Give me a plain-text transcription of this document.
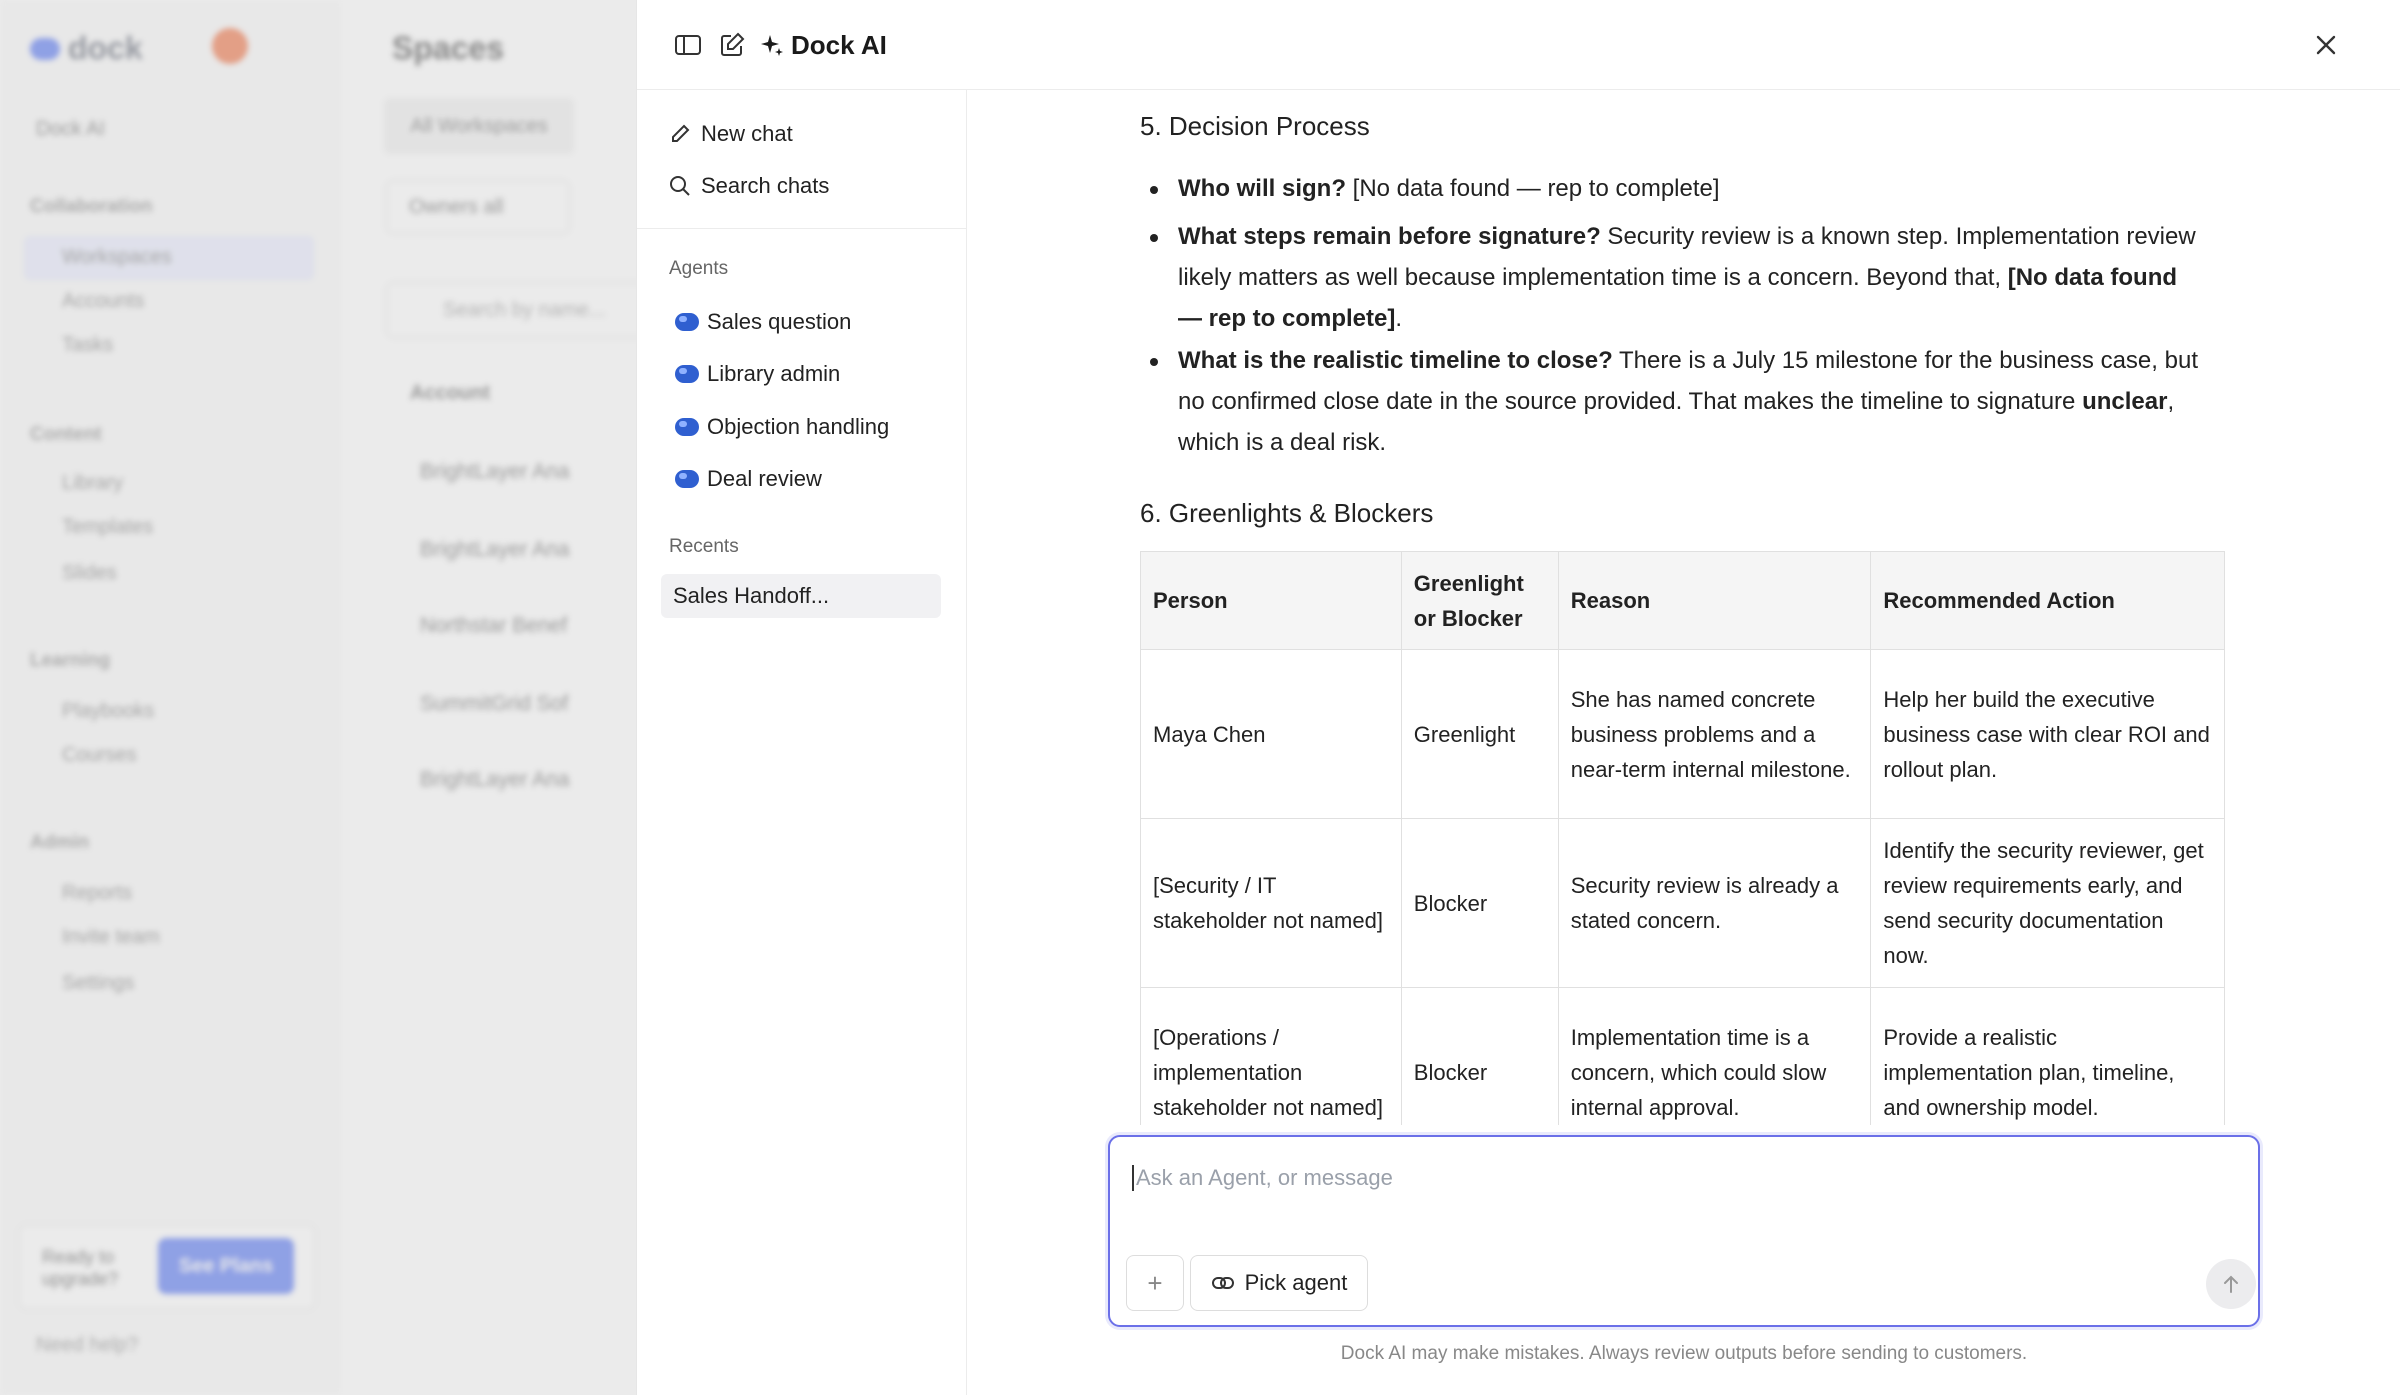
dock
Dock AI
Collaboration
Workspaces
Accounts
Tasks
Content
Library
Templates
Slides
Learning
Playbooks
Courses
Admin
Reports
Invite team
Settings
Ready to upgrade?
See Plans
Need help?
Spaces
All Workspaces
Owners all
Search by name...
Account
BrightLayer Ana
BrightLayer Ana
Northstar Benef
SummitGrid Sof
BrightLayer Ana
Dock AI
New chat
Search chats
Agents
Sales question
Library admin
Objection handling
Deal review
Recents
Sales Handoff...
5. Decision Process
Who will sign? [No data found — rep to complete]
What steps remain before signature? Security review is a known step. Implementation review likely matters as well because implementation time is a concern. Beyond that, [No data found — rep to complete].
What is the realistic timeline to close? There is a July 15 milestone for the business case, but no confirmed close date in the source provided. That makes the timeline to signature unclear, which is a deal risk.
6. Greenlights & Blockers
Person	Greenlight or Blocker	Reason	Recommended Action
Maya Chen	Greenlight	She has named concrete business problems and a near-term internal milestone.	Help her build the executive business case with clear ROI and rollout plan.
[Security / IT stakeholder not named]	Blocker	Security review is already a stated concern.	Identify the security reviewer, get review requirements early, and send security documentation now.
[Operations / implementation stakeholder not named]	Blocker	Implementation time is a concern, which could slow internal approval.	Provide a realistic implementation plan, timeline, and ownership model.
Ask an Agent, or message
+	Pick agent
Dock AI may make mistakes. Always review outputs before sending to customers.
